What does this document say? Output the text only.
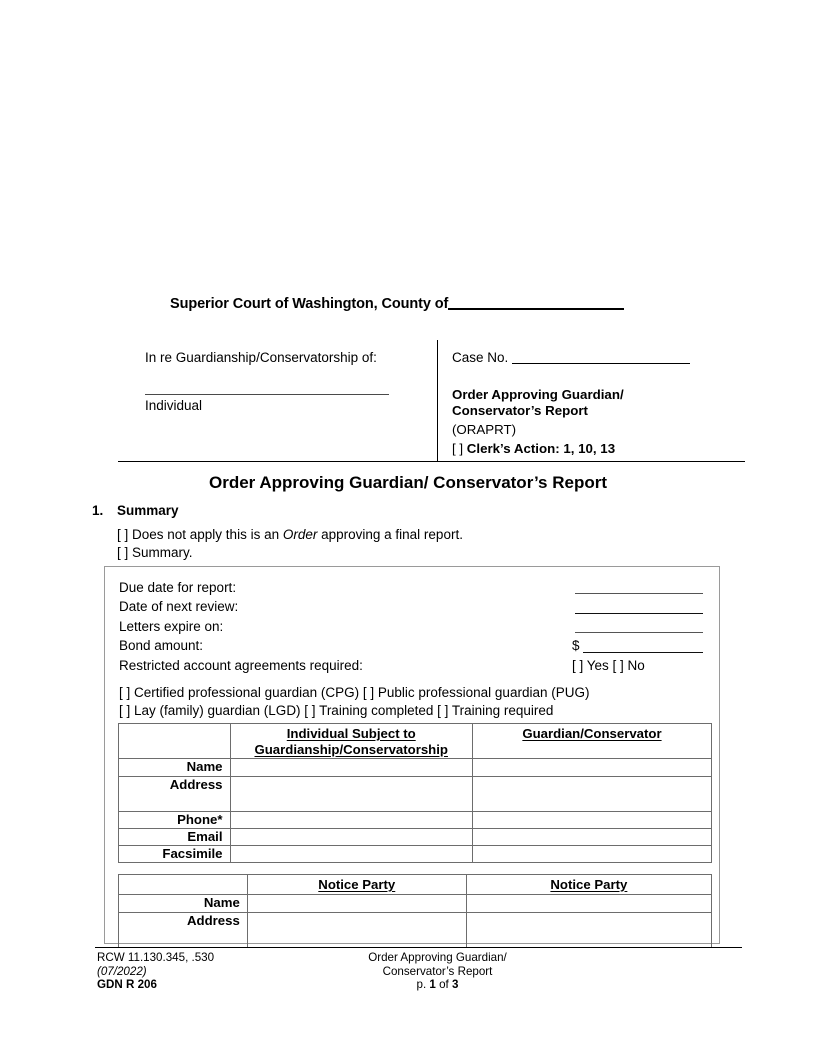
Superior Court of Washington, County of
In re Guardianship/Conservatorship of:
Individual
Case No.
Order Approving Guardian/
Conservator’s Report
(ORAPRT)
[ ] Clerk’s Action: 1, 10, 13
Order Approving Guardian/ Conservator’s Report
1. Summary
[ ] Does not apply this is an Order approving a final report.
[ ] Summary.
Due date for report:
Date of next review:
Letters expire on:
Bond amount:	$
Restricted account agreements required:	[ ] Yes [ ] No
[ ] Certified professional guardian (CPG) [ ] Public professional guardian (PUG)
[ ] Lay (family) guardian (LGD) [ ] Training completed [ ] Training required
	Individual Subject to
Guardianship/Conservatorship	Guardian/Conservator
Name		
Address		
Phone*		
Email		
Facsimile		
	Notice Party	Notice Party
Name		
Address		
RCW 11.130.345, .530
(07/2022)
GDN R 206
Order Approving Guardian/
Conservator’s Report
p. 1 of 3
